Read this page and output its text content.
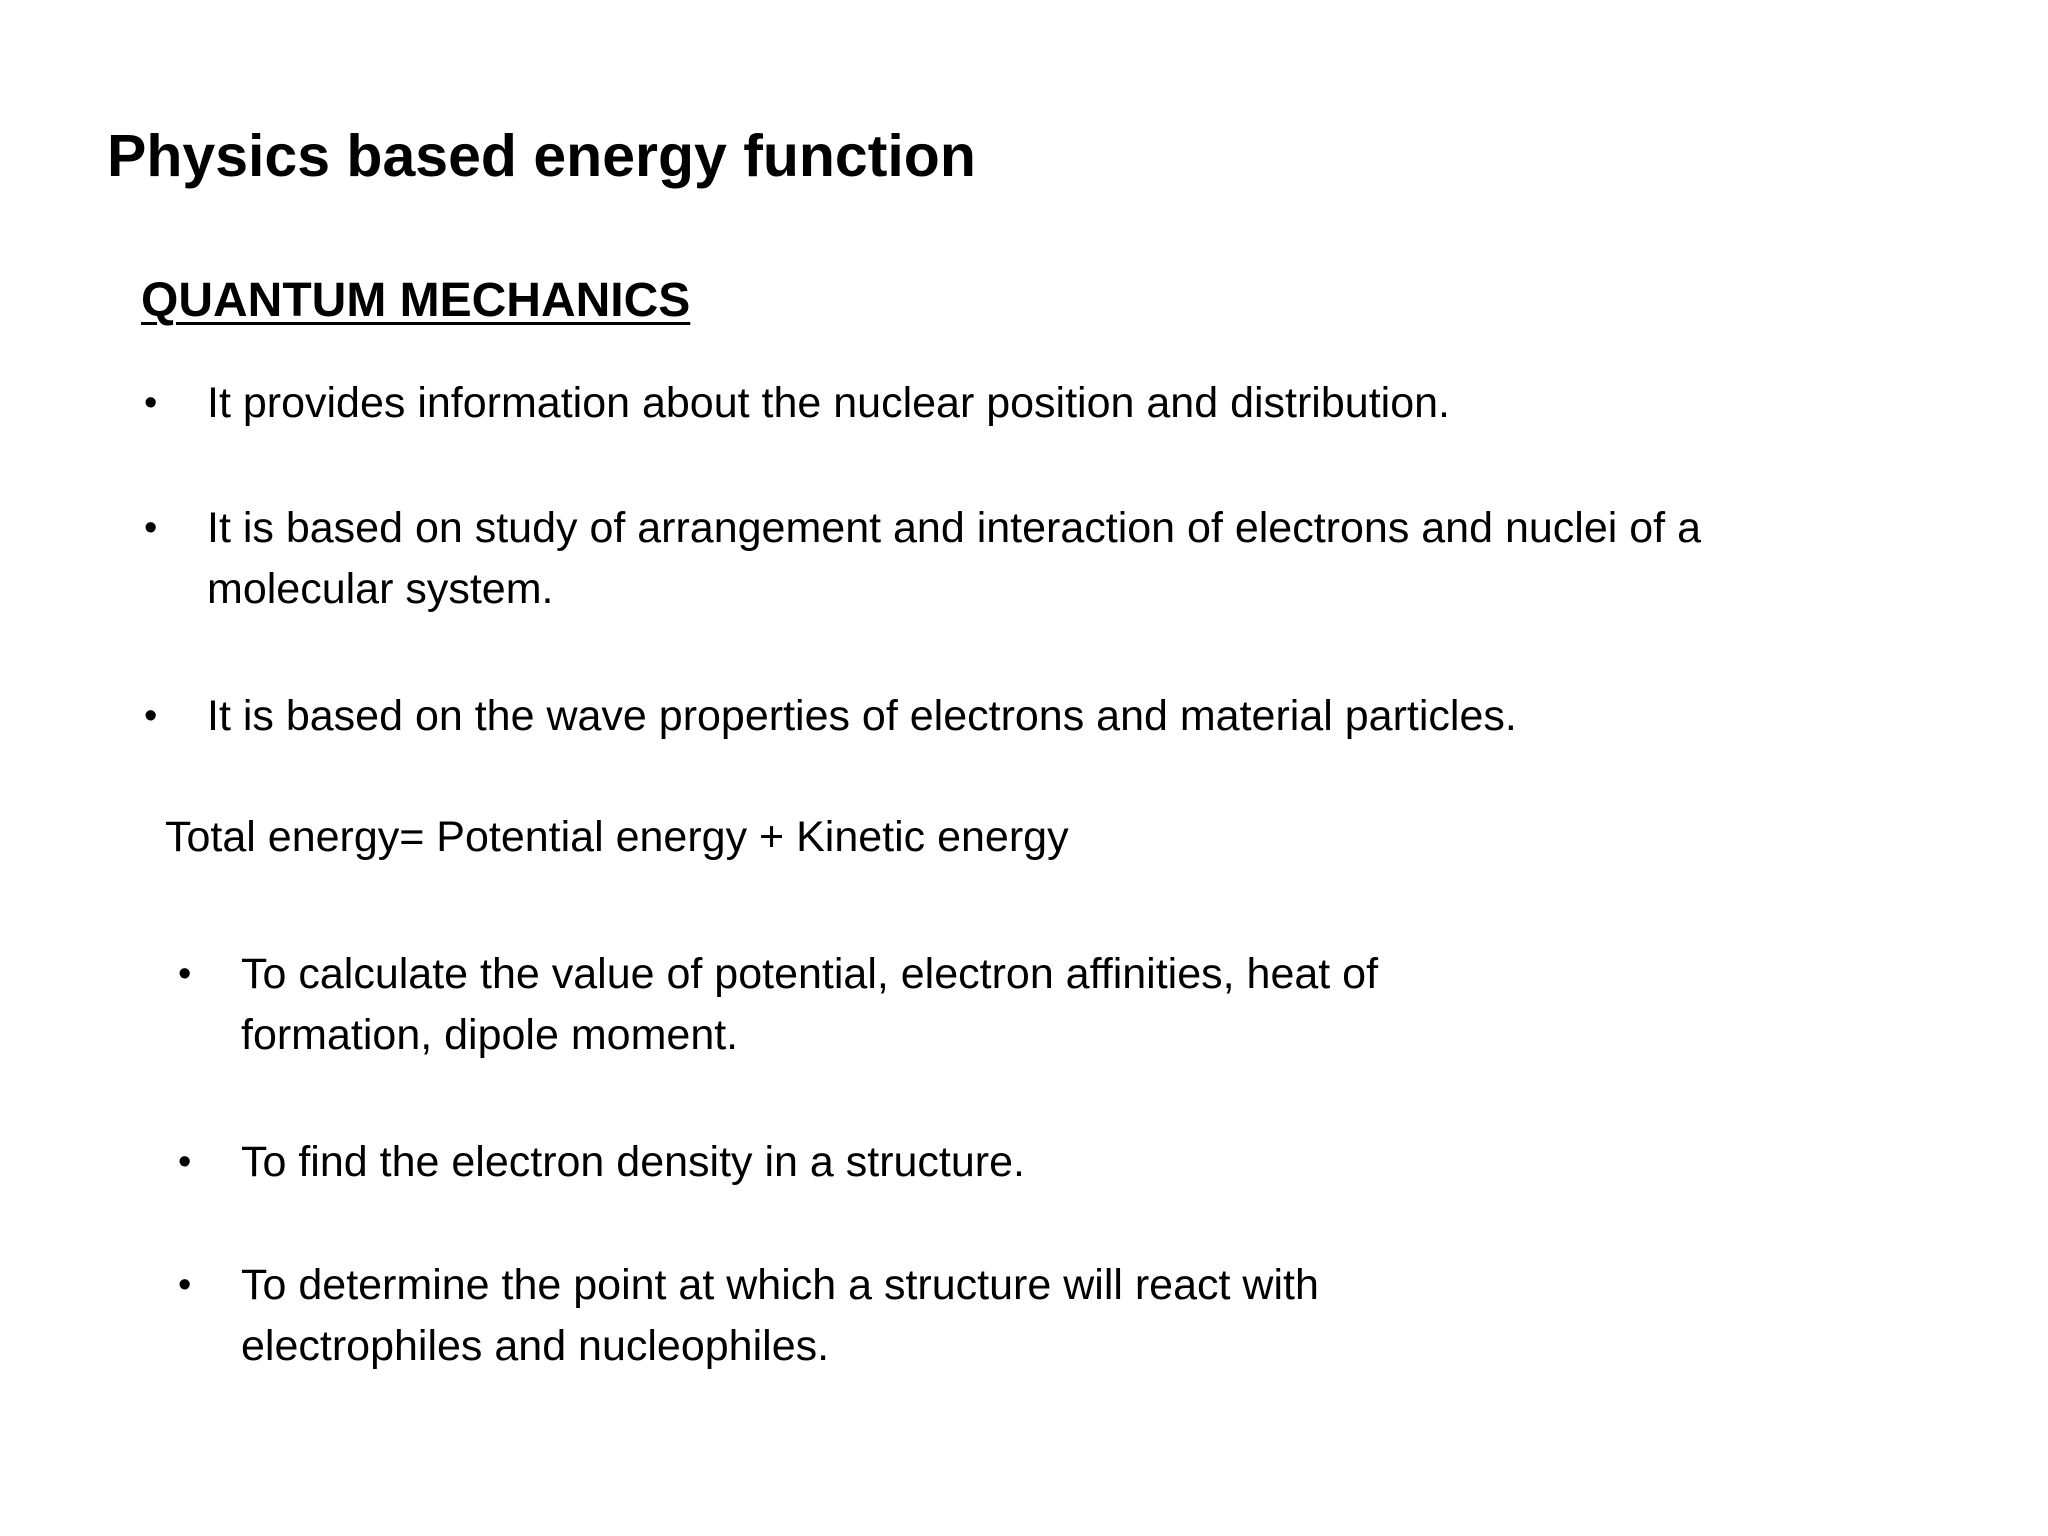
Physics based energy function
QUANTUM MECHANICS
• It provides information about the nuclear position and distribution.
• It is based on study of arrangement and interaction of electrons and nuclei of a
molecular system.
• It is based on the wave properties of electrons and material particles.
Total energy= Potential energy + Kinetic energy
• To calculate the value of potential, electron affinities, heat of
formation, dipole moment.
• To find the electron density in a structure.
• To determine the point at which a structure will react with
electrophiles and nucleophiles.
